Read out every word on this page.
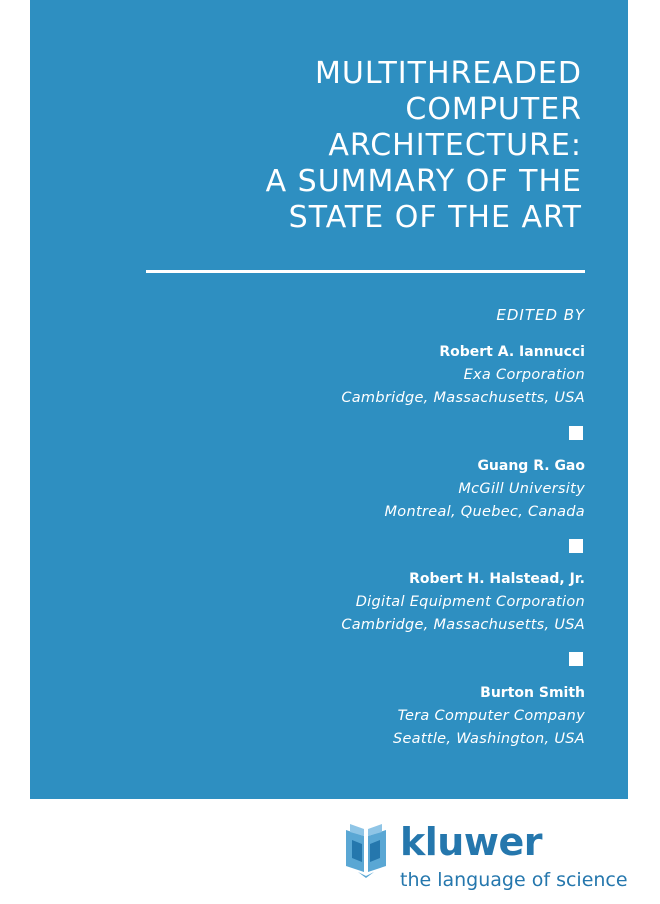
MULTITHREADED
COMPUTER
ARCHITECTURE:
A SUMMARY OF THE
STATE OF THE ART
EDITED BY
Robert A. Iannucci
Exa Corporation
Cambridge, Massachusetts, USA
Guang R. Gao
McGill University
Montreal, Quebec, Canada
Robert H. Halstead, Jr.
Digital Equipment Corporation
Cambridge, Massachusetts, USA
Burton Smith
Tera Computer Company
Seattle, Washington, USA
kluwer
the language of science
